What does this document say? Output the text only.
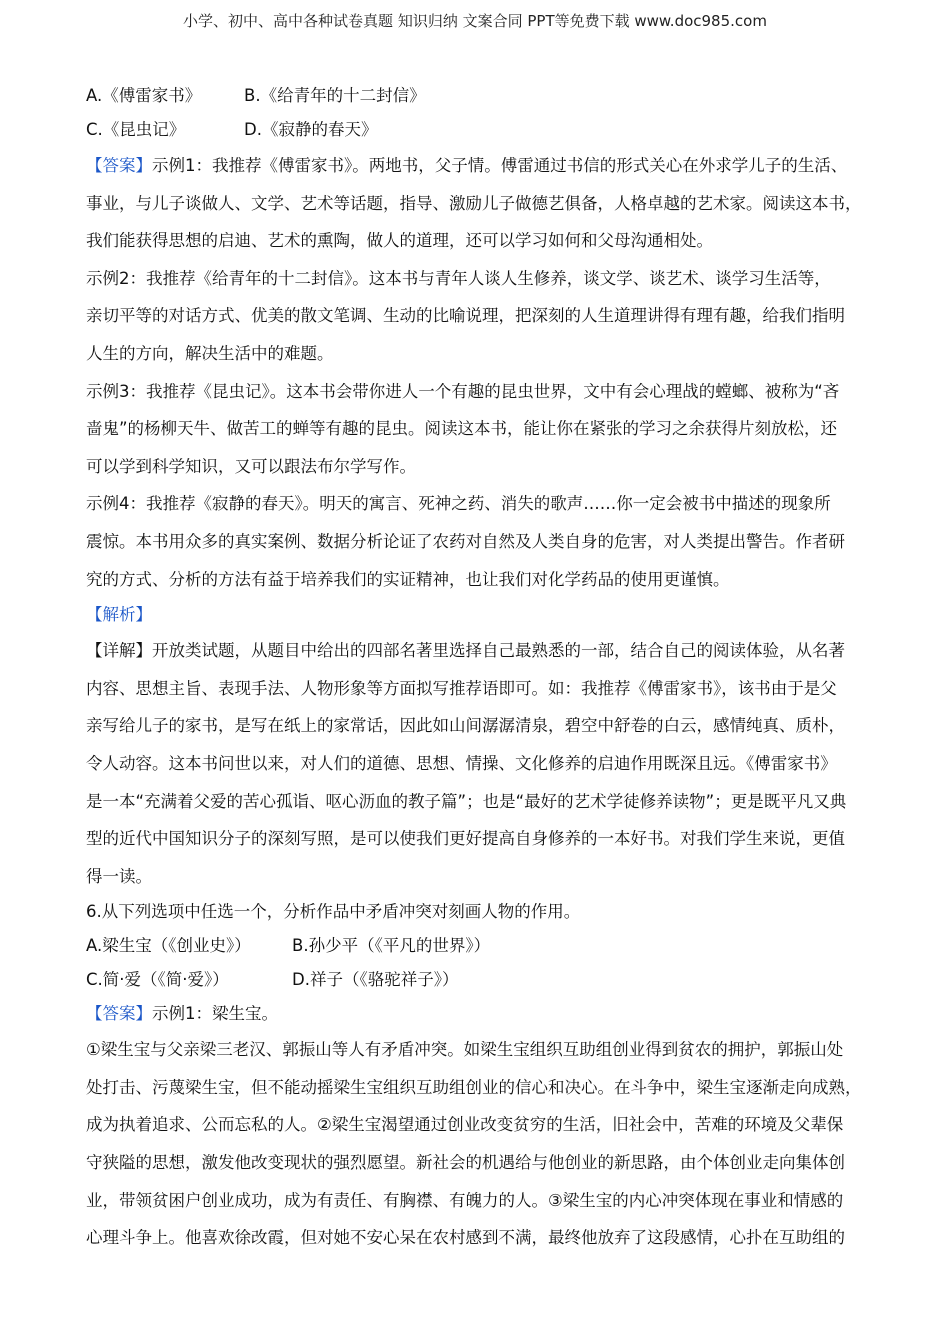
小学、初中、高中各种试卷真题 知识归纳 文案合同 PPT等免费下载 www.doc985.com
A.《傅雷家书》	B.《给青年的十二封信》
C.《昆虫记》	D.《寂静的春天》
【答案】示例1：我推荐《傅雷家书》。两地书，父子情。傅雷通过书信的形式关心在外求学儿子的生活、
事业，与儿子谈做人、文学、艺术等话题，指导、激励儿子做德艺俱备，人格卓越的艺术家。阅读这本书，
我们能获得思想的启迪、艺术的熏陶，做人的道理，还可以学习如何和父母沟通相处。
示例2：我推荐《给青年的十二封信》。这本书与青年人谈人生修养，谈文学、谈艺术、谈学习生活等，
亲切平等的对话方式、优美的散文笔调、生动的比喻说理，把深刻的人生道理讲得有理有趣，给我们指明
人生的方向，解决生活中的难题。
示例3：我推荐《昆虫记》。这本书会带你进人一个有趣的昆虫世界，文中有会心理战的螳螂、被称为“吝
啬鬼”的杨柳天牛、做苦工的蝉等有趣的昆虫。阅读这本书，能让你在紧张的学习之余获得片刻放松，还
可以学到科学知识，又可以跟法布尔学写作。
示例4：我推荐《寂静的春天》。明天的寓言、死神之药、消失的歌声……你一定会被书中描述的现象所
震惊。本书用众多的真实案例、数据分析论证了农药对自然及人类自身的危害，对人类提出警告。作者研
究的方式、分析的方法有益于培养我们的实证精神，也让我们对化学药品的使用更谨慎。
【解析】
【详解】开放类试题，从题目中给出的四部名著里选择自己最熟悉的一部，结合自己的阅读体验，从名著
内容、思想主旨、表现手法、人物形象等方面拟写推荐语即可。如：我推荐《傅雷家书》，该书由于是父
亲写给儿子的家书，是写在纸上的家常话，因此如山间潺潺清泉，碧空中舒卷的白云，感情纯真、质朴，
令人动容。这本书问世以来，对人们的道德、思想、情操、文化修养的启迪作用既深且远。《傅雷家书》
是一本“充满着父爱的苦心孤诣、呕心沥血的教子篇”；也是“最好的艺术学徒修养读物”；更是既平凡又典
型的近代中国知识分子的深刻写照，是可以使我们更好提高自身修养的一本好书。对我们学生来说，更值
得一读。
6.从下列选项中任选一个，分析作品中矛盾冲突对刻画人物的作用。
A.梁生宝（《创业史》）	B.孙少平（《平凡的世界》）
C.简·爱（《简·爱》）	D.祥子（《骆驼祥子》）
【答案】示例1：梁生宝。
①梁生宝与父亲梁三老汉、郭振山等人有矛盾冲突。如梁生宝组织互助组创业得到贫农的拥护，郭振山处
处打击、污蔑梁生宝，但不能动摇梁生宝组织互助组创业的信心和决心。在斗争中，梁生宝逐渐走向成熟，
成为执着追求、公而忘私的人。②梁生宝渴望通过创业改变贫穷的生活，旧社会中，苦难的环境及父辈保
守狭隘的思想，激发他改变现状的强烈愿望。新社会的机遇给与他创业的新思路，由个体创业走向集体创
业，带领贫困户创业成功，成为有责任、有胸襟、有魄力的人。③梁生宝的内心冲突体现在事业和情感的
心理斗争上。他喜欢徐改霞，但对她不安心呆在农村感到不满，最终他放弃了这段感情，心扑在互助组的
